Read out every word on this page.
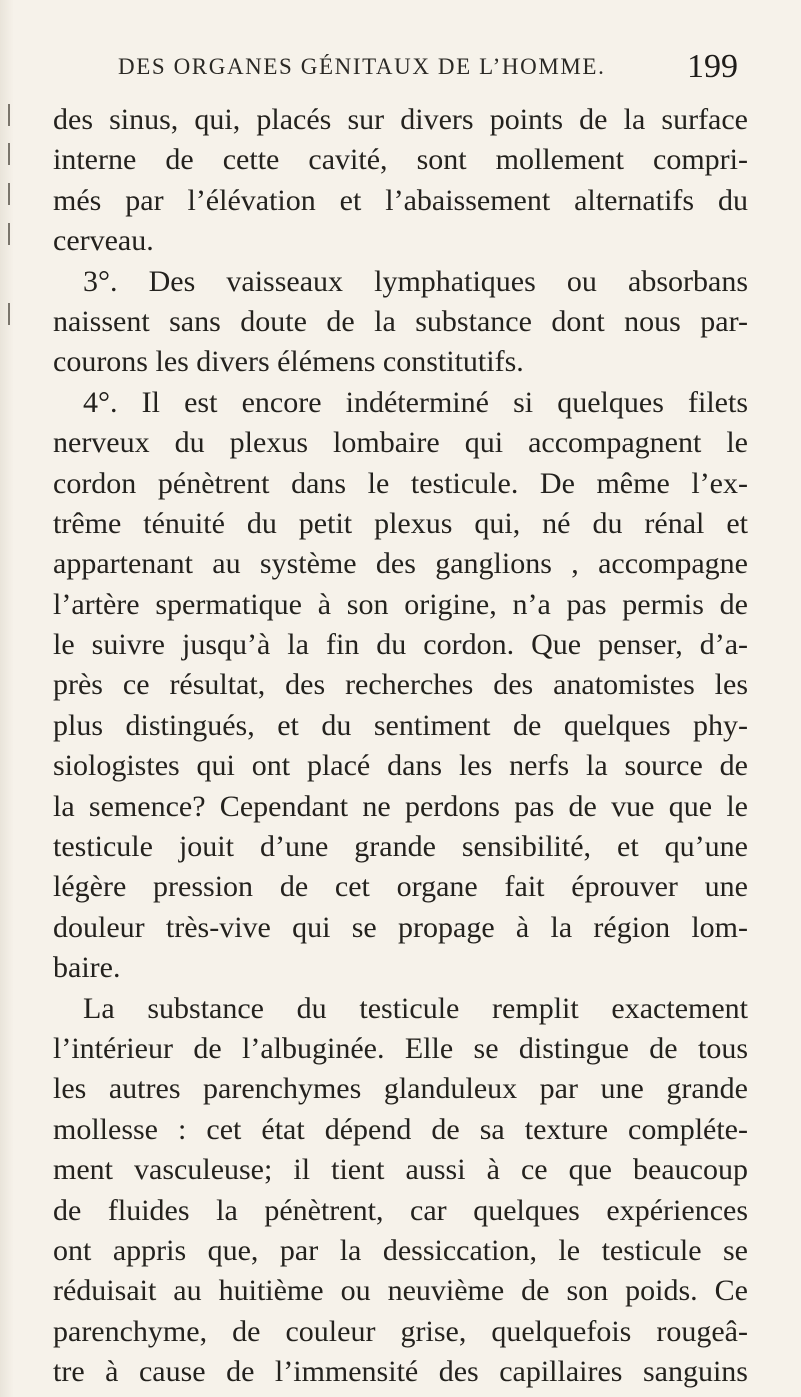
DES ORGANES GÉNITAUX DE L’HOMME. 199
des sinus, qui, placés sur divers points de la surface
interne de cette cavité, sont mollement compri-
més par l’élévation et l’abaissement alternatifs du
cerveau.
3°. Des vaisseaux lymphatiques ou absorbans
naissent sans doute de la substance dont nous par-
courons les divers élémens constitutifs.
4°. Il est encore indéterminé si quelques filets
nerveux du plexus lombaire qui accompagnent le
cordon pénètrent dans le testicule. De même l’ex-
trême ténuité du petit plexus qui, né du rénal et
appartenant au système des ganglions , accompagne
l’artère spermatique à son origine, n’a pas permis de
le suivre jusqu’à la fin du cordon. Que penser, d’a-
près ce résultat, des recherches des anatomistes les
plus distingués, et du sentiment de quelques phy-
siologistes qui ont placé dans les nerfs la source de
la semence? Cependant ne perdons pas de vue que le
testicule jouit d’une grande sensibilité, et qu’une
légère pression de cet organe fait éprouver une
douleur très-vive qui se propage à la région lom-
baire.
La substance du testicule remplit exactement
l’intérieur de l’albuginée. Elle se distingue de tous
les autres parenchymes glanduleux par une grande
mollesse : cet état dépend de sa texture compléte-
ment vasculeuse; il tient aussi à ce que beaucoup
de fluides la pénètrent, car quelques expériences
ont appris que, par la dessiccation, le testicule se
réduisait au huitième ou neuvième de son poids. Ce
parenchyme, de couleur grise, quelquefois rougeâ-
tre à cause de l’immensité des capillaires sanguins
